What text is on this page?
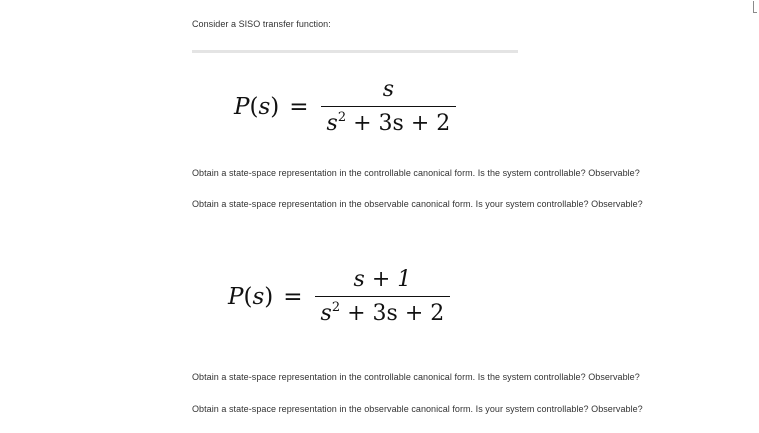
Consider a SISO transfer function:
$P(s) = \frac{s}{s^2 + 3s + 2}$
Obtain a state-space representation in the controllable canonical form. Is the system controllable? Observable?
Obtain a state-space representation in the observable canonical form. Is your system controllable? Observable?
$P(s) = \frac{s + 1}{s^2 + 3s + 2}$
Obtain a state-space representation in the controllable canonical form. Is the system controllable? Observable?
Obtain a state-space representation in the observable canonical form. Is your system controllable? Observable?
